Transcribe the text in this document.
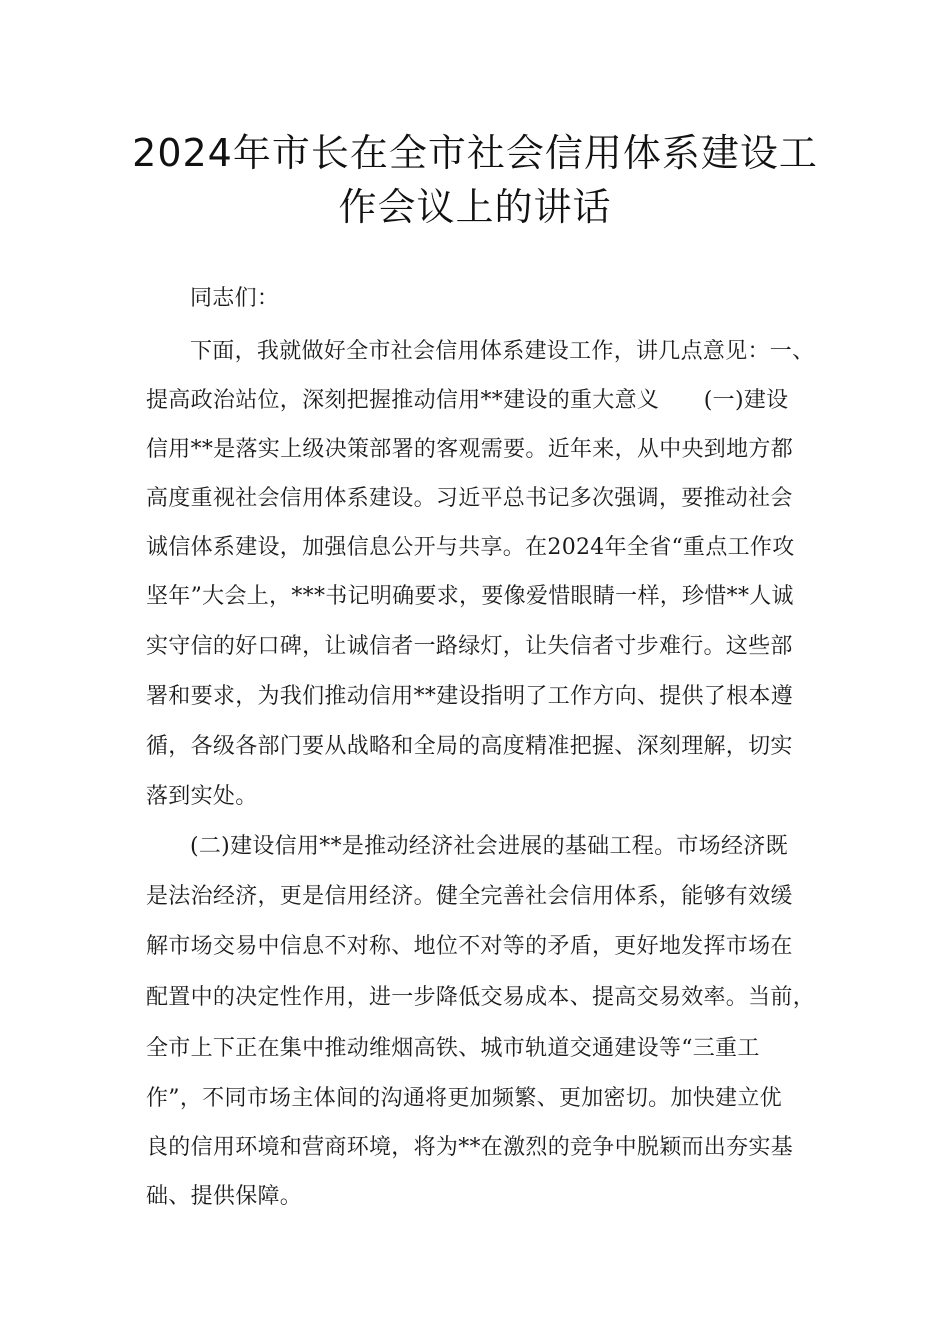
2024年市长在全市社会信用体系建设工
作会议上的讲话
同志们：
下面，我就做好全市社会信用体系建设工作，讲几点意见：一、
提高政治站位，深刻把握推动信用**建设的重大意义　　(一)建设
信用**是落实上级决策部署的客观需要。近年来，从中央到地方都
高度重视社会信用体系建设。习近平总书记多次强调，要推动社会
诚信体系建设，加强信息公开与共享。在2024年全省“重点工作攻
坚年”大会上，***书记明确要求，要像爱惜眼睛一样，珍惜**人诚
实守信的好口碑，让诚信者一路绿灯，让失信者寸步难行。这些部
署和要求，为我们推动信用**建设指明了工作方向、提供了根本遵
循，各级各部门要从战略和全局的高度精准把握、深刻理解，切实
落到实处。
(二)建设信用**是推动经济社会进展的基础工程。市场经济既
是法治经济，更是信用经济。健全完善社会信用体系，能够有效缓
解市场交易中信息不对称、地位不对等的矛盾，更好地发挥市场在
配置中的决定性作用，进一步降低交易成本、提高交易效率。当前，
全市上下正在集中推动维烟高铁、城市轨道交通建设等“三重工
作”，不同市场主体间的沟通将更加频繁、更加密切。加快建立优
良的信用环境和营商环境，将为**在激烈的竞争中脱颖而出夯实基
础、提供保障。
